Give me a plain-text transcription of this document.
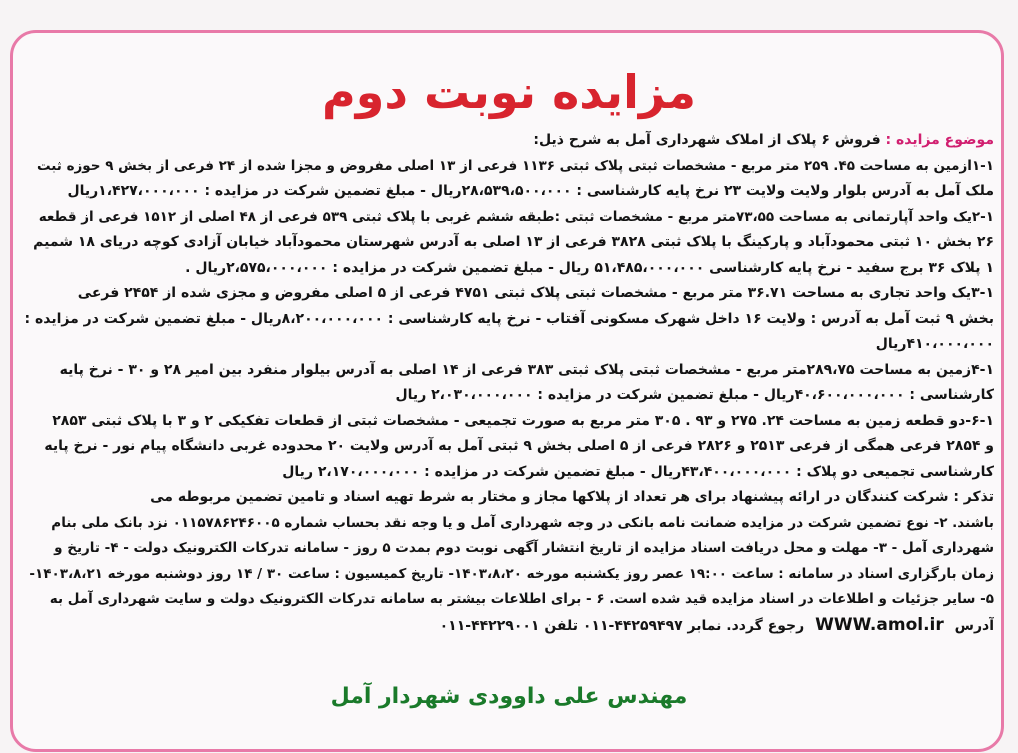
مزایده نوبت دوم
موضوع مزایده : فروش ۶ پلاک از املاک شهرداری آمل به شرح ذیل:
۱-۱ازمین به مساحت ۴۵. ۲۵۹ متر مربع - مشخصات ثبتی پلاک ثبتی ۱۱۳۶ فرعی از ۱۳ اصلی مفروض و مجزا شده از ۲۴ فرعی از بخش ۹ حوزه ثبت
ملک آمل به آدرس بلوار ولایت ولایت ۲۳ نرخ پایه کارشناسی : ۲۸،۵۳۹،۵۰۰،۰۰۰ریال - مبلغ تضمین شرکت در مزایده : ۱،۴۲۷،۰۰۰،۰۰۰ریال
۲-۱یک واحد آپارتمانی به مساحت ۷۳،۵۵متر مربع - مشخصات ثبتی :طبقه ششم غربی با پلاک ثبتی ۵۳۹ فرعی از ۴۸ اصلی از ۱۵۱۲ فرعی از قطعه
۲۶ بخش ۱۰ ثبتی محمودآباد و پارکینگ با پلاک ثبتی ۳۸۲۸ فرعی از ۱۳ اصلی به آدرس شهرستان محمودآباد خیابان آزادی کوچه دریای ۱۸ شمیم
۱ پلاک ۳۶ برج سفید - نرخ پایه کارشناسی ۵۱،۴۸۵،۰۰۰،۰۰۰ ریال - مبلغ تضمین شرکت در مزایده : ۲،۵۷۵،۰۰۰،۰۰۰ریال .
۳-۱یک واحد تجاری به مساحت ۳۶.۷۱ متر مربع - مشخصات ثبتی پلاک ثبتی ۴۷۵۱ فرعی از ۵ اصلی مفروض و مجزی شده از ۲۴۵۴ فرعی
بخش ۹ ثبت آمل به آدرس : ولایت ۱۶ داخل شهرک مسکونی آفتاب - نرخ پایه کارشناسی : ۸،۲۰۰،۰۰۰،۰۰۰ریال - مبلغ تضمین شرکت در مزایده :
۴۱۰،۰۰۰،۰۰۰ریال
۴-۱زمین به مساحت ۲۸۹،۷۵متر مربع - مشخصات ثبتی پلاک ثبتی ۳۸۳ فرعی از ۱۴ اصلی به آدرس بیلوار منفرد بین امیر ۲۸ و ۳۰ - نرخ پایه
کارشناسی : ۴۰،۶۰۰،۰۰۰،۰۰۰ریال - مبلغ تضمین شرکت در مزایده : ۲،۰۳۰،۰۰۰،۰۰۰ ریال
۶-۱-دو قطعه زمین به مساحت ۲۴. ۲۷۵ و ۹۳ . ۳۰۵ متر مربع به صورت تجمیعی - مشخصات ثبتی از قطعات تفکیکی ۲ و ۳ با پلاک ثبتی ۲۸۵۳
و ۲۸۵۴ فرعی همگی از فرعی ۲۵۱۳ و ۲۸۲۶ فرعی از ۵ اصلی بخش ۹ ثبتی آمل به آدرس ولایت ۲۰ محدوده غربی دانشگاه پیام نور - نرخ پایه
کارشناسی تجمیعی دو پلاک : ۴۳،۴۰۰،۰۰۰،۰۰۰ریال - مبلغ تضمین شرکت در مزایده : ۲،۱۷۰،۰۰۰،۰۰۰ ریال
تذکر : شرکت کنندگان در ارائه پیشنهاد برای هر تعداد از پلاکها مجاز و مختار به شرط تهیه اسناد و تامین تضمین مربوطه می
باشند. ۲- نوع تضمین شرکت در مزایده ضمانت نامه بانکی در وجه شهرداری آمل و یا وجه نقد بحساب شماره ۰۱۱۵۷۸۶۲۴۶۰۰۵ نزد بانک ملی بنام
شهرداری آمل - ۳- مهلت و محل دریافت اسناد مزایده از تاریخ انتشار آگهی نوبت دوم بمدت ۵ روز - سامانه تدرکات الکترونیک دولت - ۴- تاریخ و
زمان بارگزاری اسناد در سامانه : ساعت ۱۹:۰۰ عصر روز یکشنبه مورخه ۱۴۰۳،۸،۲۰- تاریخ کمیسیون : ساعت ۳۰ / ۱۴ روز دوشنبه مورخه ۱۴۰۳،۸،۲۱-
۵- سایر جزئیات و اطلاعات در اسناد مزایده قید شده است. ۶ - برای اطلاعات بیشتر به سامانه تدرکات الکترونیک دولت و سایت شهرداری آمل به
آدرس WWW.amol.ir رجوع گردد. نمابر ۴۴۲۵۹۴۹۷-۰۱۱ تلفن ۴۴۲۲۹۰۰۱-۰۱۱
مهندس علی داوودی شهردار آمل
